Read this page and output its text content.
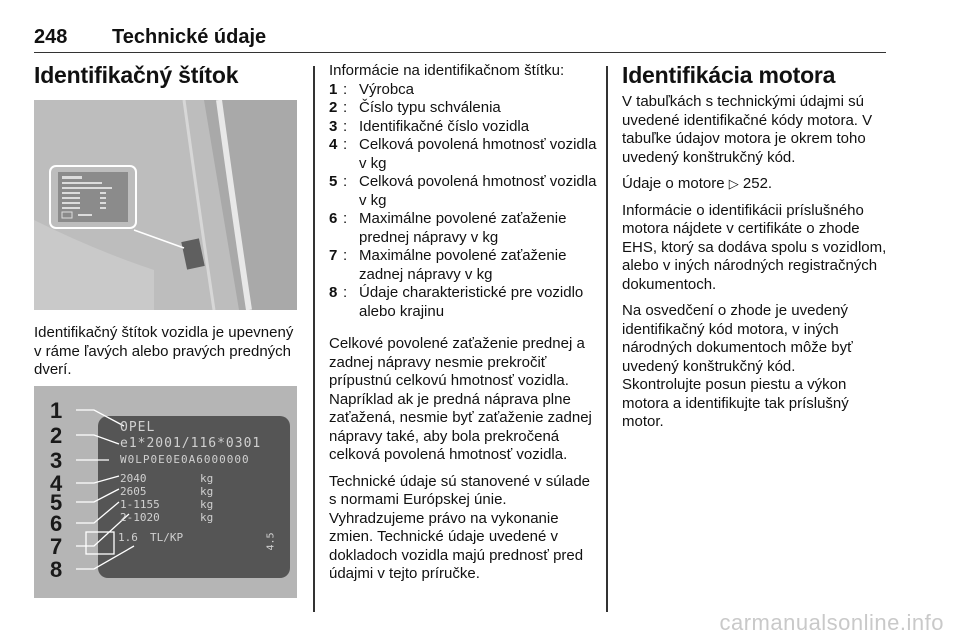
248 Technické údaje
Identifikačný štítok

Identifikačný štítok vozidla je upevnený v ráme ľavých alebo pravých predných dverí.

1
2
3
4
5
6
7
8
OPEL
e1*2001/116*0301
W0LP0E0E0A6000000
2040	kg
2605	kg
1-1155	kg
2-1020	kg
1.6 TL/KP	4.5

Informácie na identifikačnom štítku:

1 : Výrobca
2 : Číslo typu schválenia
3 : Identifikačné číslo vozidla
4 : Celková povolená hmotnosť vozidla v kg
5 : Celková povolená hmotnosť vozidla v kg
6 : Maximálne povolené zaťaženie prednej nápravy v kg
7 : Maximálne povolené zaťaženie zadnej nápravy v kg
8 : Údaje charakteristické pre vozidlo alebo krajinu

Celkové povolené zaťaženie prednej a zadnej nápravy nesmie prekročiť prípustnú celkovú hmotnosť vozidla. Napríklad ak je predná náprava plne zaťažená, nesmie byť zaťaženie zadnej nápravy také, aby bola prekročená celková povolená hmotnosť vozidla.

Technické údaje sú stanovené v súlade s normami Európskej únie. Vyhradzujeme právo na vykonanie zmien. Technické údaje uvedené v dokladoch vozidla majú prednosť pred údajmi v tejto príručke.

Identifikácia motora

V tabuľkách s technickými údajmi sú uvedené identifikačné kódy motora. V tabuľke údajov motora je okrem toho uvedený konštrukčný kód.

Údaje o motore ▷ 252.

Informácie o identifikácii príslušného motora nájdete v certifikáte o zhode EHS, ktorý sa dodáva spolu s vozidlom, alebo v iných národných registračných dokumentoch.

Na osvedčení o zhode je uvedený identifikačný kód motora, v iných národných dokumentoch môže byť uvedený konštrukčný kód.

Skontrolujte posun piestu a výkon motora a identifikujte tak príslušný motor.

carmanualsonline.info
